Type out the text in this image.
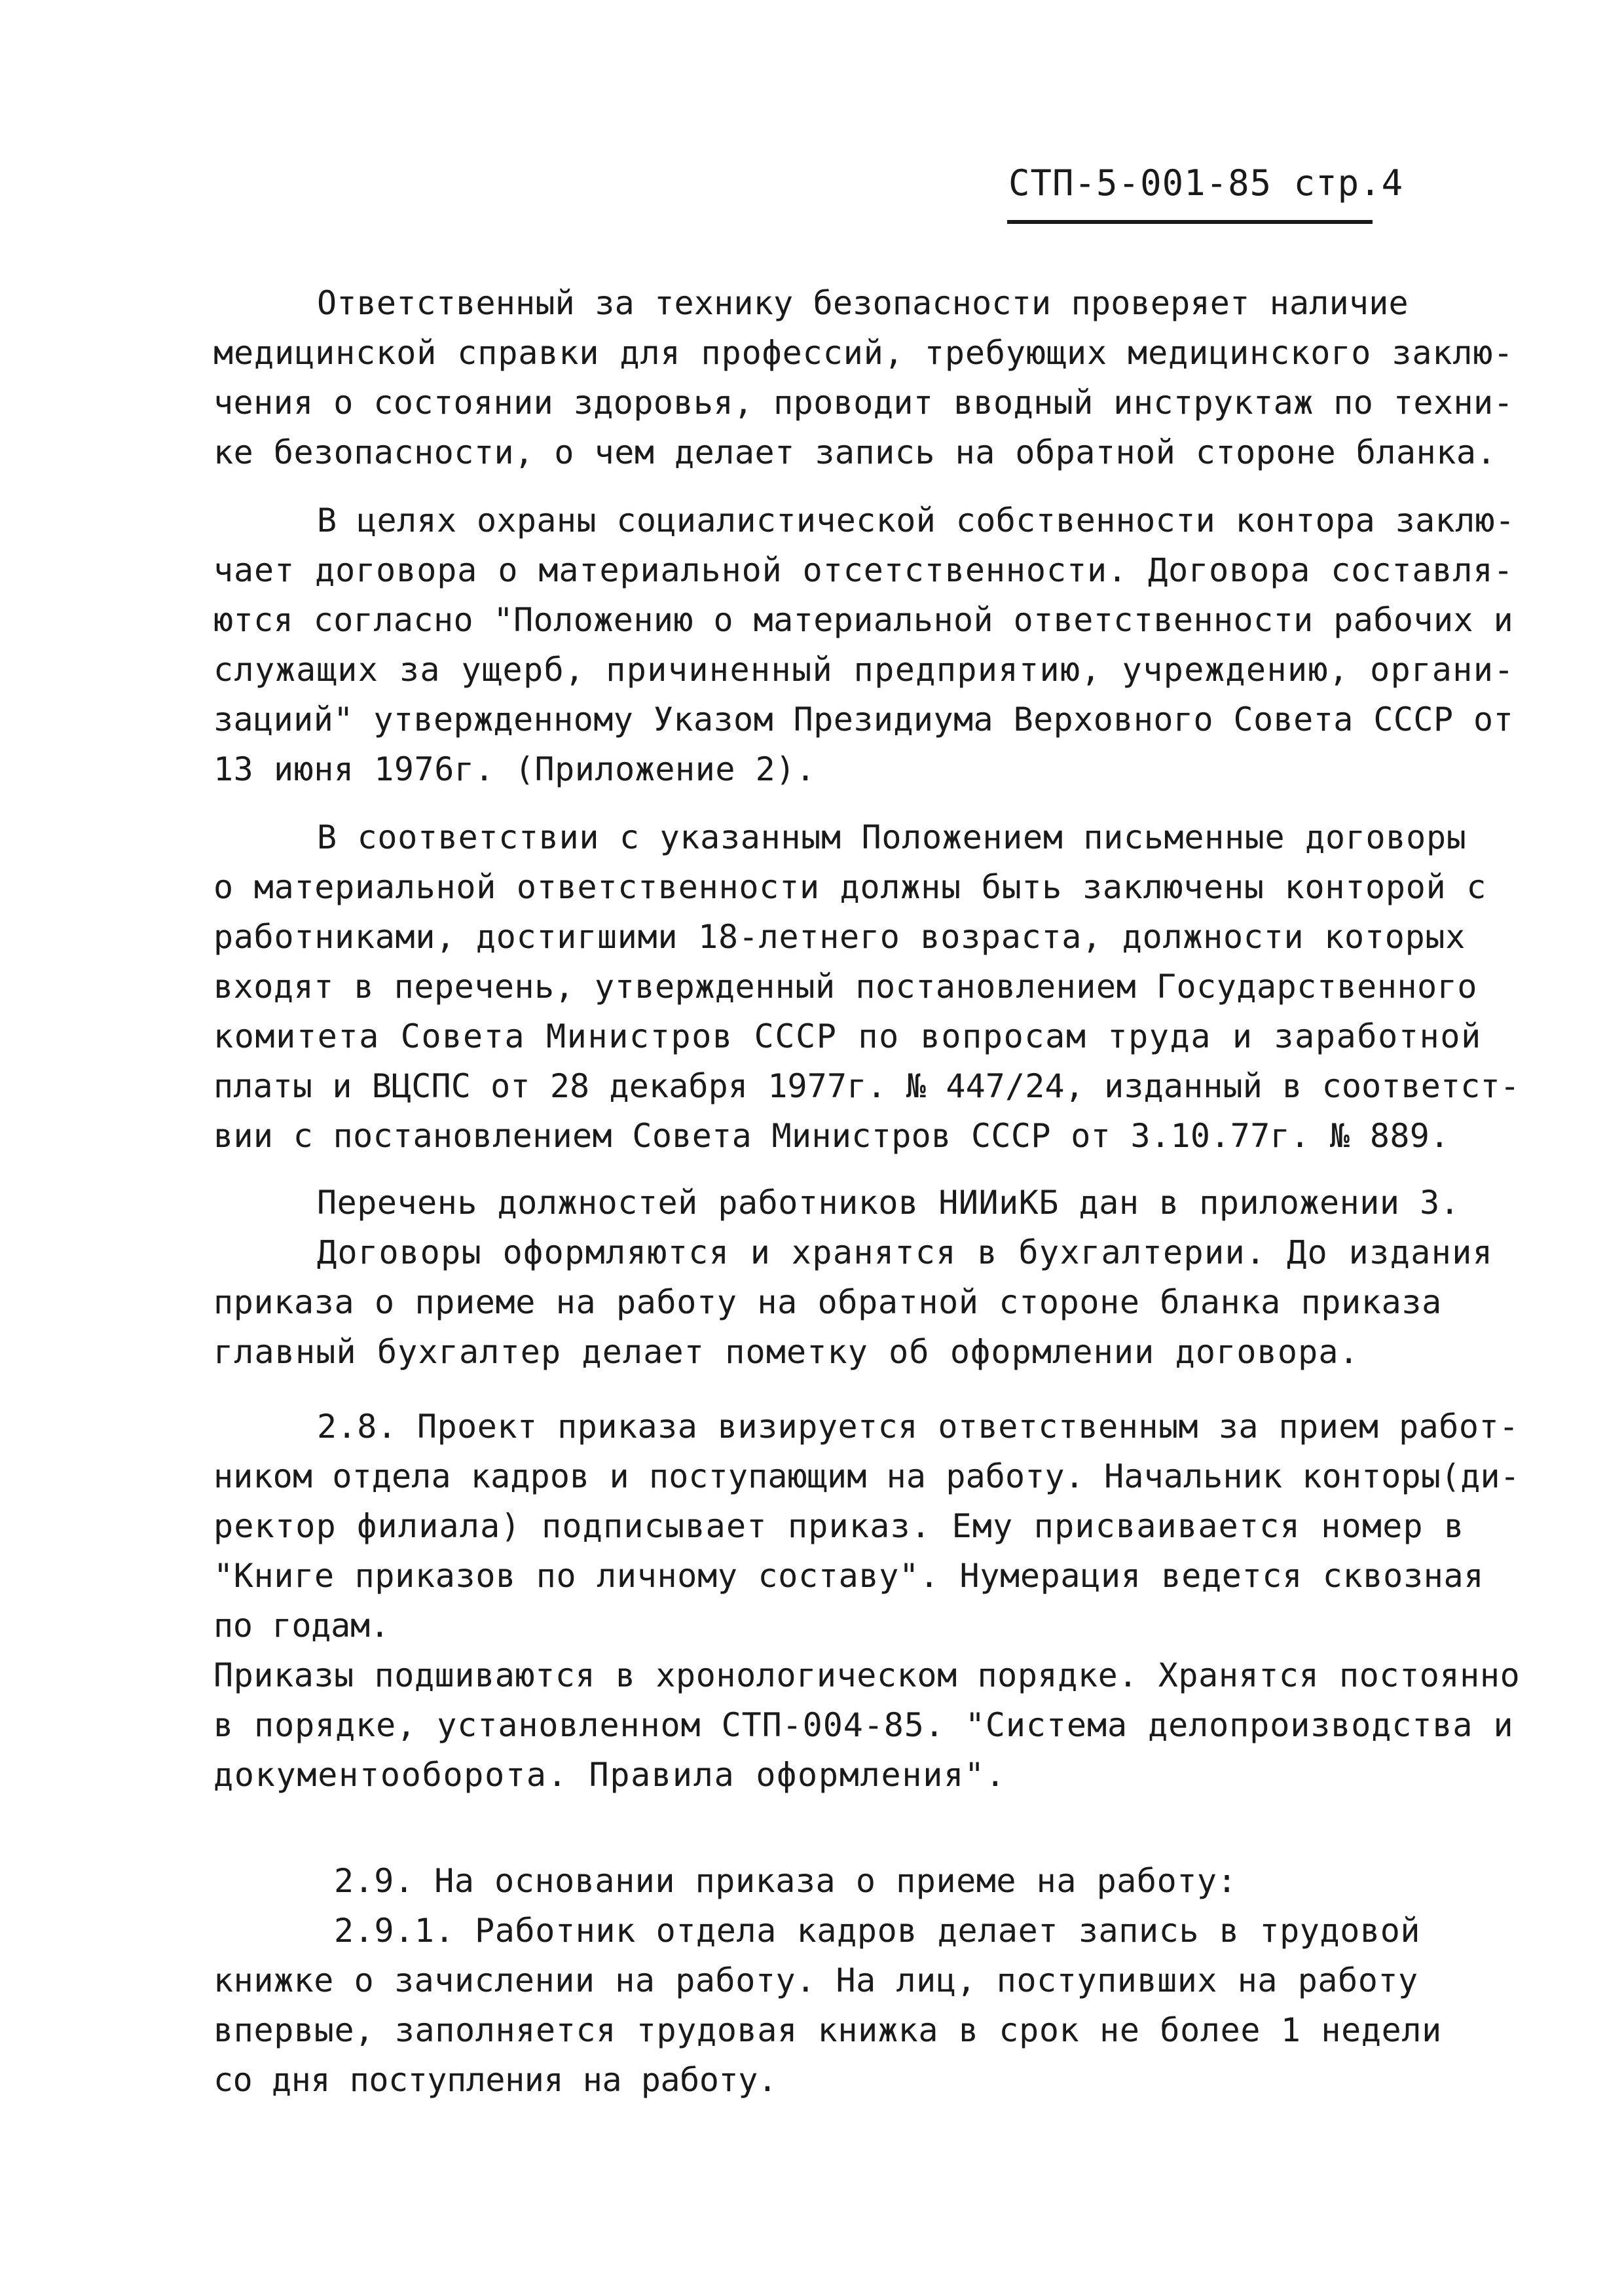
СТП-5-001-85 стр.4
Ответственный за технику безопасности проверяет наличие
медицинской справки для профессий, требующих медицинского заклю-
чения о состоянии здоровья, проводит вводный инструктаж по техни-
ке безопасности, о чем делает запись на обратной стороне бланка.
В целях охраны социалистической собственности контора заклю-
чает договора о материальной отсетственности. Договора составля-
ются согласно "Положению о материальной ответственности рабочих и
служащих за ущерб, причиненный предприятию, учреждению, органи-
зациий" утвержденному Указом Президиума Верховного Совета СССР от
13 июня 1976г. (Приложение 2).
В соответствии с указанным Положением письменные договоры
о материальной ответственности должны быть заключены конторой с
работниками, достигшими 18-летнего возраста, должности которых
входят в перечень, утвержденный постановлением Государственного
комитета Совета Министров СССР по вопросам труда и заработной
платы и ВЦСПС от 28 декабря 1977г. № 447/24, изданный в соответст-
вии с постановлением Совета Министров СССР от 3.10.77г. № 889.
Перечень должностей работников НИИиКБ дан в приложении 3.
Договоры оформляются и хранятся в бухгалтерии. До издания
приказа о приеме на работу на обратной стороне бланка приказа
главный бухгалтер делает пометку об оформлении договора.
2.8. Проект приказа визируется ответственным за прием работ-
ником отдела кадров и поступающим на работу. Начальник конторы(ди-
ректор филиала) подписывает приказ. Ему присваивается номер в
"Книге приказов по личному составу". Нумерация ведется сквозная
по годам.
Приказы подшиваются в хронологическом порядке. Хранятся постоянно
в порядке, установленном СТП-004-85. "Система делопроизводства и
документооборота. Правила оформления".
2.9. На основании приказа о приеме на работу:
2.9.1. Работник отдела кадров делает запись в трудовой
книжке о зачислении на работу. На лиц, поступивших на работу
впервые, заполняется трудовая книжка в срок не более 1 недели
со дня поступления на работу.
